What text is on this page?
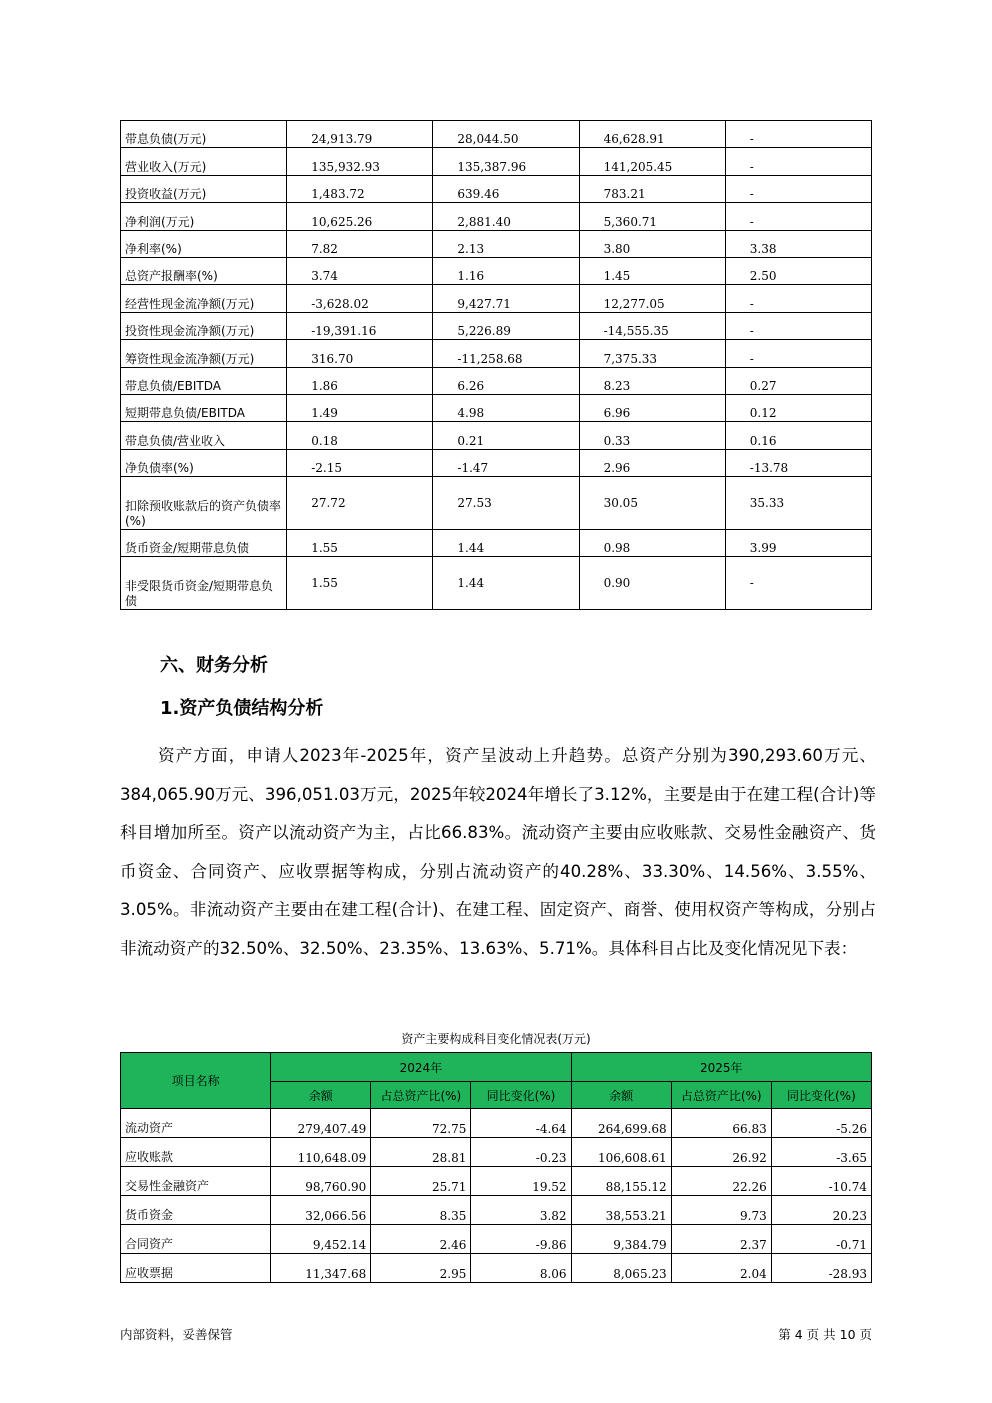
带息负债(万元)	24,913.79	28,044.50	46,628.91	-
营业收入(万元)	135,932.93	135,387.96	141,205.45	-
投资收益(万元)	1,483.72	639.46	783.21	-
净利润(万元)	10,625.26	2,881.40	5,360.71	-
净利率(%)	7.82	2.13	3.80	3.38
总资产报酬率(%)	3.74	1.16	1.45	2.50
经营性现金流净额(万元)	-3,628.02	9,427.71	12,277.05	-
投资性现金流净额(万元)	-19,391.16	5,226.89	-14,555.35	-
筹资性现金流净额(万元)	316.70	-11,258.68	7,375.33	-
带息负债/EBITDA	1.86	6.26	8.23	0.27
短期带息负债/EBITDA	1.49	4.98	6.96	0.12
带息负债/营业收入	0.18	0.21	0.33	0.16
净负债率(%)	-2.15	-1.47	2.96	-13.78
扣除预收账款后的资产负债率(%)	27.72	27.53	30.05	35.33
货币资金/短期带息负债	1.55	1.44	0.98	3.99
非受限货币资金/短期带息负债	1.55	1.44	0.90	-
六、财务分析
1.资产负债结构分析
资产方面，申请人2023年-2025年，资产呈波动上升趋势。总资产分别为390,293.60万元、384,065.90万元、396,051.03万元，2025年较2024年增长了3.12%，主要是由于在建工程(合计)等科目增加所至。资产以流动资产为主，占比66.83%。流动资产主要由应收账款、交易性金融资产、货币资金、合同资产、应收票据等构成，分别占流动资产的40.28%、33.30%、14.56%、3.55%、3.05%。非流动资产主要由在建工程(合计)、在建工程、固定资产、商誉、使用权资产等构成，分别占非流动资产的32.50%、32.50%、23.35%、13.63%、5.71%。具体科目占比及变化情况见下表：
资产主要构成科目变化情况表(万元)
项目名称	2024年			2025年		
	余额	占总资产比(%)	同比变化(%)	余额	占总资产比(%)	同比变化(%)
流动资产	279,407.49	72.75	-4.64	264,699.68	66.83	-5.26
应收账款	110,648.09	28.81	-0.23	106,608.61	26.92	-3.65
交易性金融资产	98,760.90	25.71	19.52	88,155.12	22.26	-10.74
货币资金	32,066.56	8.35	3.82	38,553.21	9.73	20.23
合同资产	9,452.14	2.46	-9.86	9,384.79	2.37	-0.71
应收票据	11,347.68	2.95	8.06	8,065.23	2.04	-28.93
内部资料，妥善保管	第 4 页 共 10 页
